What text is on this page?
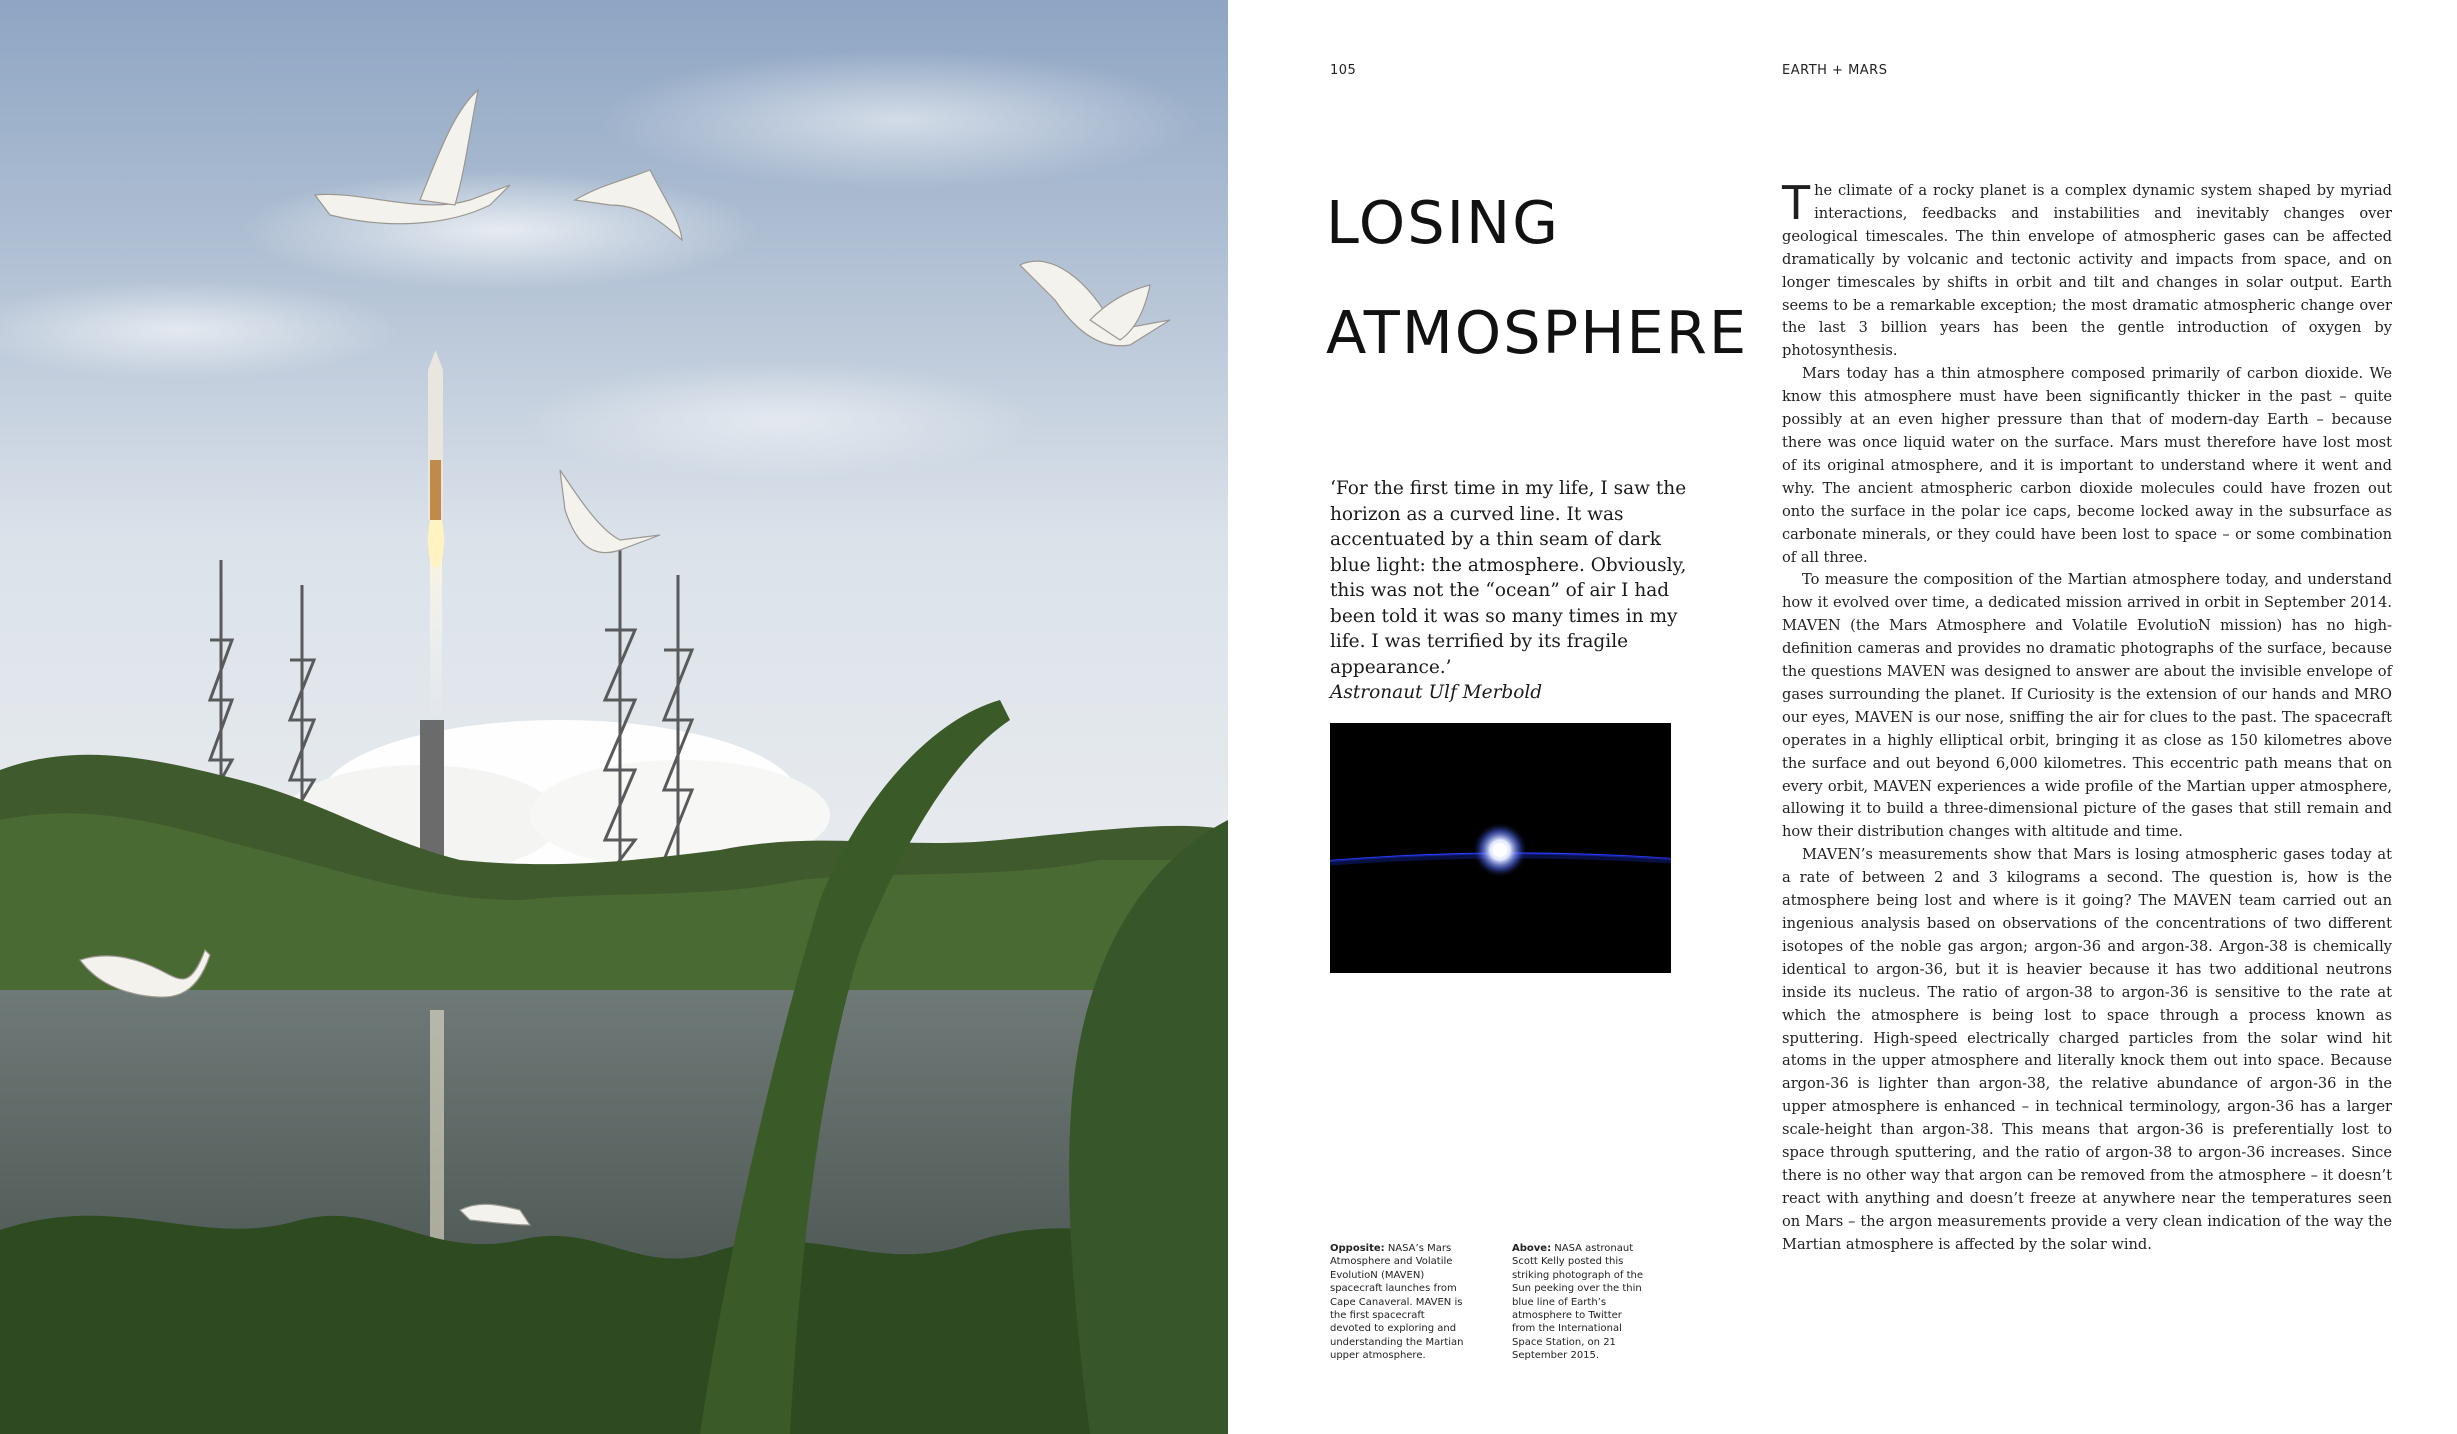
105	EARTH + MARS
LOSING
ATMOSPHERE
‘For the first time in my life, I saw the horizon as a curved line. It was accentuated by a thin seam of dark blue light: the atmosphere. Obviously, this was not the “ocean” of air I had been told it was so many times in my life. I was terrified by its fragile appearance.’
Astronaut Ulf Merbold
Opposite: NASA’s Mars Atmosphere and Volatile EvolutioN (MAVEN) spacecraft launches from Cape Canaveral. MAVEN is the first spacecraft devoted to exploring and understanding the Martian upper atmosphere.
Above: NASA astronaut Scott Kelly posted this striking photograph of the Sun peeking over the thin blue line of Earth’s atmosphere to Twitter from the International Space Station, on 21 September 2015.

The climate of a rocky planet is a complex dynamic system shaped by myriad interactions, feedbacks and instabilities and inevitably changes over geological timescales. The thin envelope of atmospheric gases can be affected dramatically by volcanic and tectonic activity and impacts from space, and on longer timescales by shifts in orbit and tilt and changes in solar output. Earth seems to be a remarkable exception; the most dramatic atmospheric change over the last 3 billion years has been the gentle introduction of oxygen by photosynthesis.

Mars today has a thin atmosphere composed primarily of carbon dioxide. We know this atmosphere must have been significantly thicker in the past – quite possibly at an even higher pressure than that of modern-day Earth – because there was once liquid water on the surface. Mars must therefore have lost most of its original atmosphere, and it is important to understand where it went and why. The ancient atmospheric carbon dioxide molecules could have frozen out onto the surface in the polar ice caps, become locked away in the subsurface as carbonate minerals, or they could have been lost to space – or some combination of all three.

To measure the composition of the Martian atmosphere today, and understand how it evolved over time, a dedicated mission arrived in orbit in September 2014. MAVEN (the Mars Atmosphere and Volatile EvolutioN mission) has no high-definition cameras and provides no dramatic photographs of the surface, because the questions MAVEN was designed to answer are about the invisible envelope of gases surrounding the planet. If Curiosity is the extension of our hands and MRO our eyes, MAVEN is our nose, sniffing the air for clues to the past. The spacecraft operates in a highly elliptical orbit, bringing it as close as 150 kilometres above the surface and out beyond 6,000 kilometres. This eccentric path means that on every orbit, MAVEN experiences a wide profile of the Martian upper atmosphere, allowing it to build a three-dimensional picture of the gases that still remain and how their distribution changes with altitude and time.

MAVEN’s measurements show that Mars is losing atmospheric gases today at a rate of between 2 and 3 kilograms a second. The question is, how is the atmosphere being lost and where is it going? The MAVEN team carried out an ingenious analysis based on observations of the concentrations of two different isotopes of the noble gas argon; argon-36 and argon-38. Argon-38 is chemically identical to argon-36, but it is heavier because it has two additional neutrons inside its nucleus. The ratio of argon-38 to argon-36 is sensitive to the rate at which the atmosphere is being lost to space through a process known as sputtering. High-speed electrically charged particles from the solar wind hit atoms in the upper atmosphere and literally knock them out into space. Because argon-36 is lighter than argon-38, the relative abundance of argon-36 in the upper atmosphere is enhanced – in technical terminology, argon-36 has a larger scale-height than argon-38. This means that argon-36 is preferentially lost to space through sputtering, and the ratio of argon-38 to argon-36 increases. Since there is no other way that argon can be removed from the atmosphere – it doesn’t react with anything and doesn’t freeze at anywhere near the temperatures seen on Mars – the argon measurements provide a very clean indication of the way the Martian atmosphere is affected by the solar wind.
